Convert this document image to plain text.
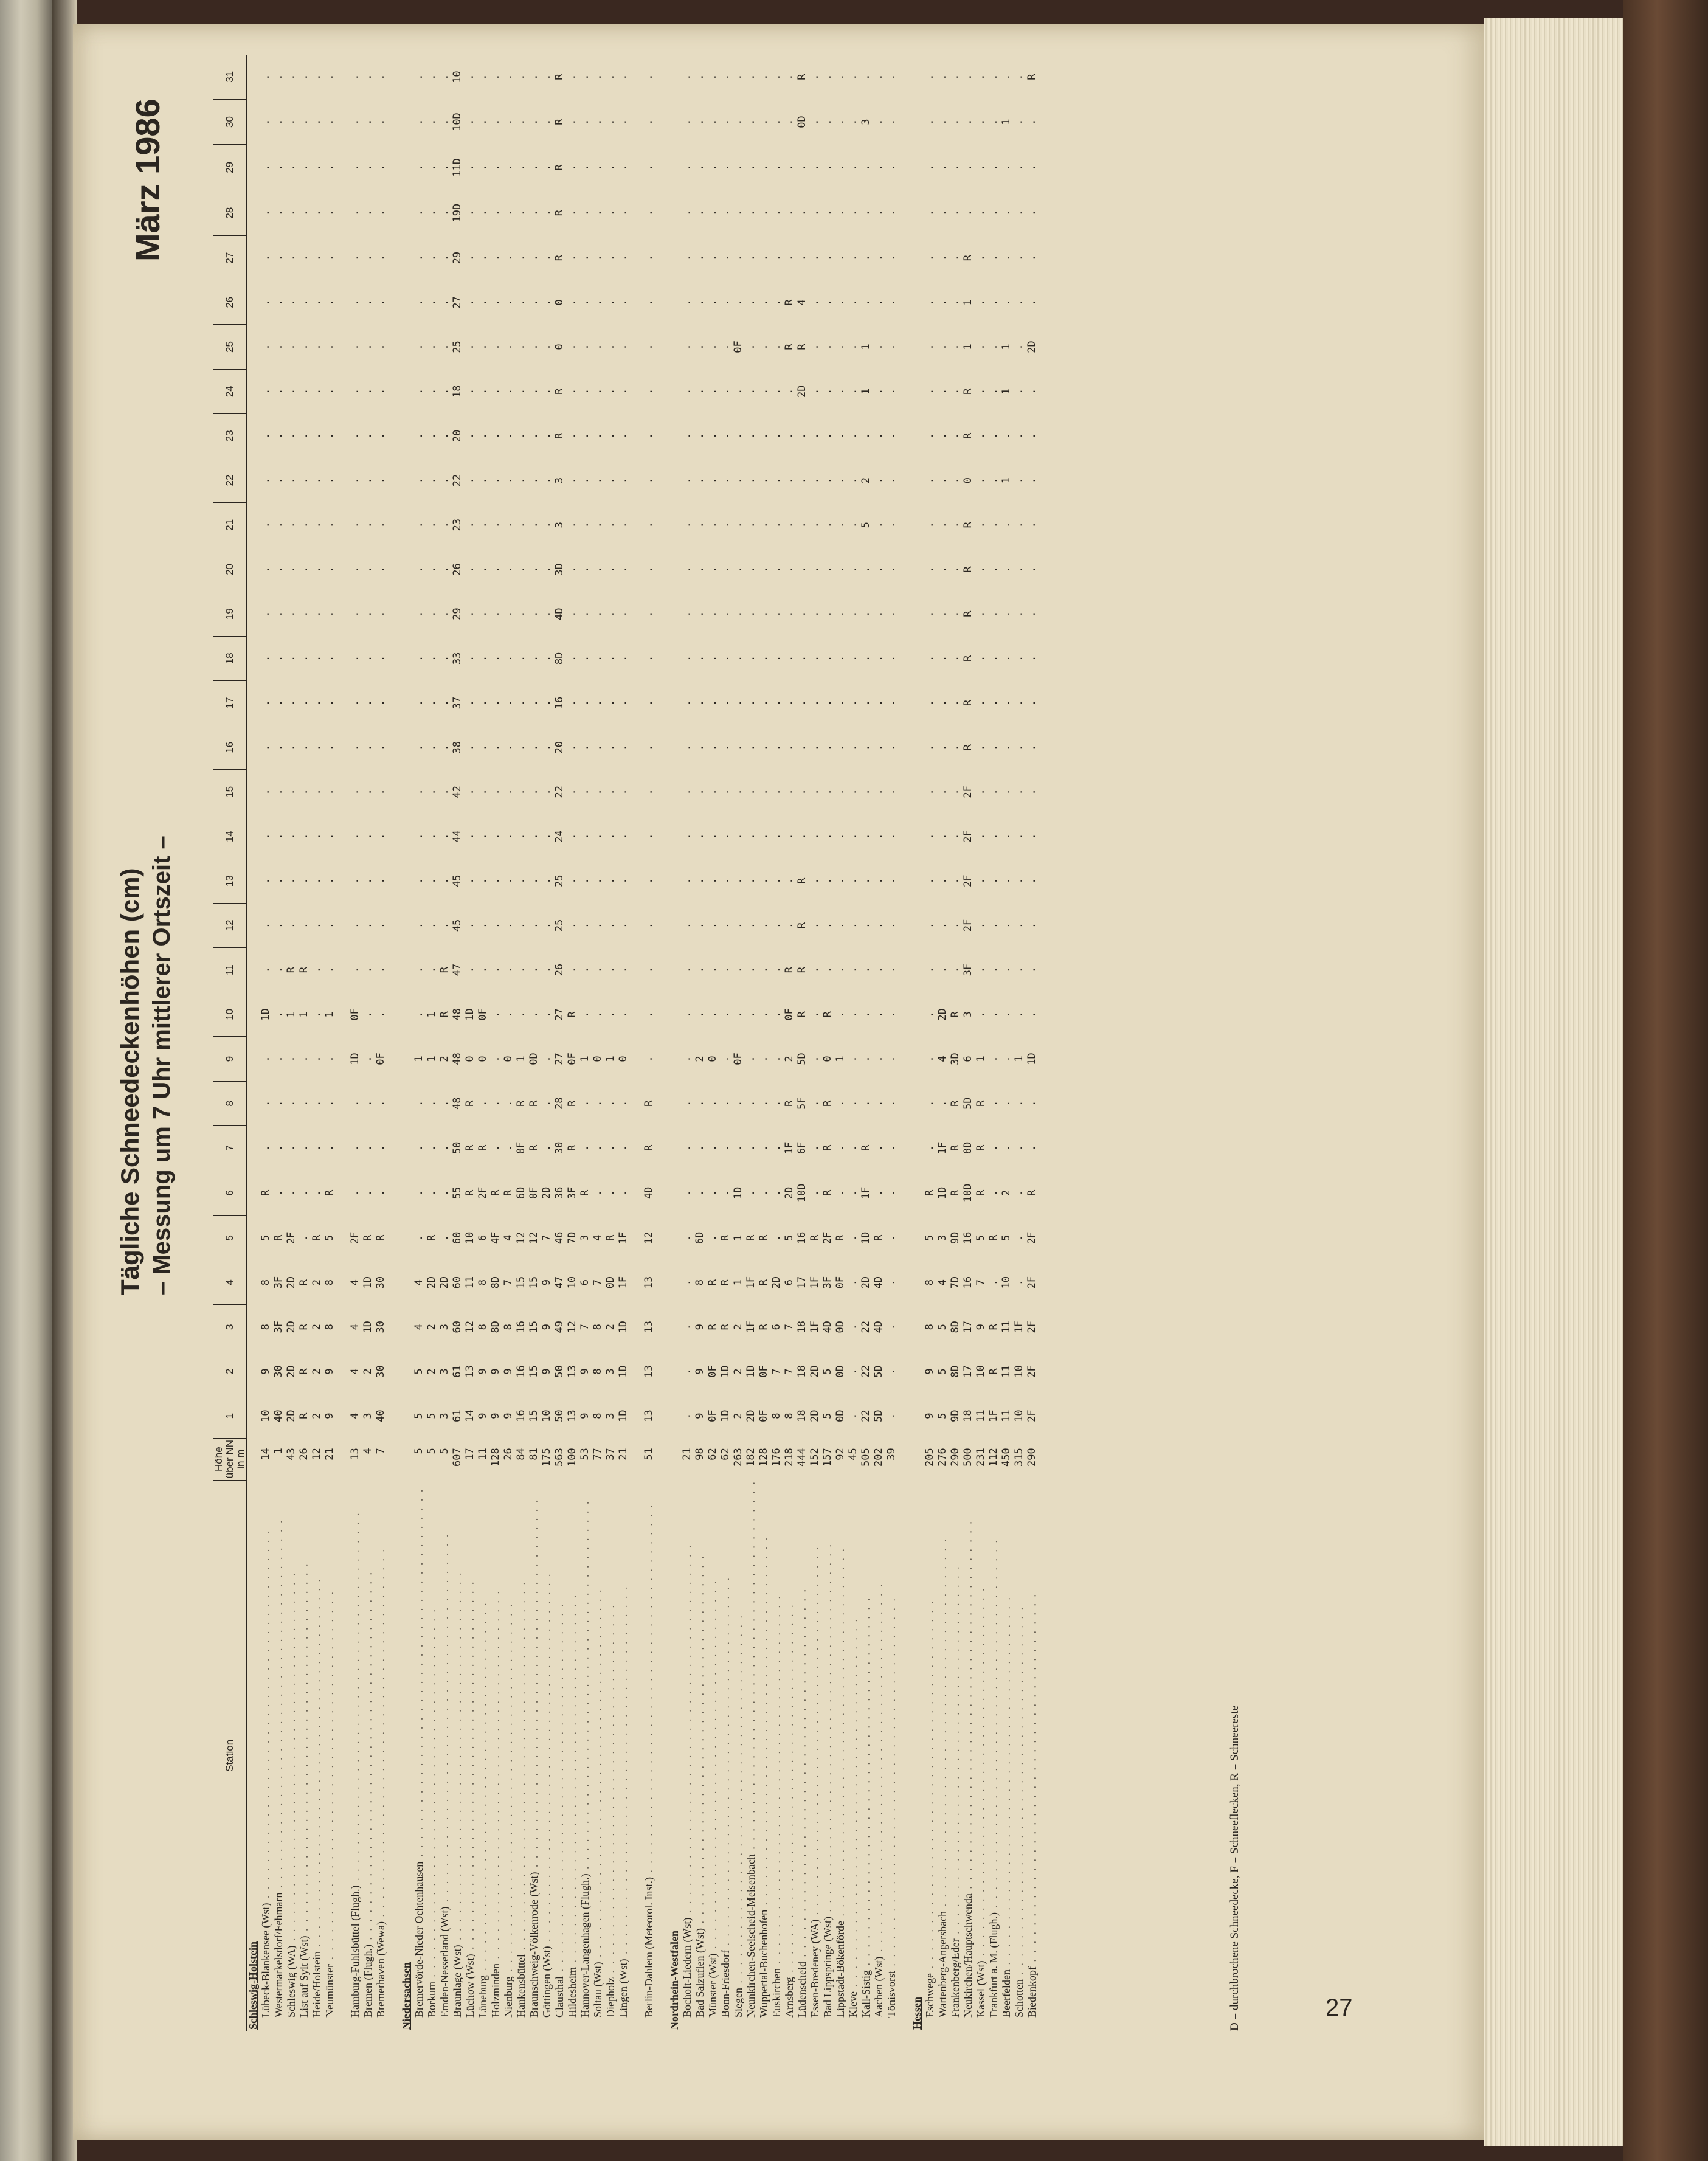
Tägliche Schneedeckenhöhen (cm) – Messung um 7 Uhr mittlerer Ortszeit –
März 1986
Station	Höhe über NN in m	1	2	3	4	5	6	7	8	9	10	11	12	13	14	15	16	17	18	19	20	21	22	23	24	25	26	27	28	29	30	31
Schleswig-Holstein																																
Lübeck-Blankensee (Wst) . . . . . . . . . . . . . . . . . . . . . . . . . . . . . . . . . . . . . . . . .	14	10	9	8	8	5	R	.	.	.	1D	.	.	.	.	.	.	.	.	.	.	.	.	.	.	.	.	.	.	.	.	.
Westermarkelsdorf/Fehmarn . . . . . . . . . . . . . . . . . . . . . . . . . . . . . . . . . . . . . . . . .	1	40	30	3F	3F	R	.	.	.	.	.	.	.	.	.	.	.	.	.	.	.	.	.	.	.	.	.	.	.	.	.	.
Schleswig (WA) . . . . . . . . . . . . . . . . . . . . . . . . . . . . . . . . . . . . . . . . .	43	2D	2D	2D	2D	2F	.	.	.	.	1	R	.	.	.	.	.	.	.	.	.	.	.	.	.	.	.	.	.	.	.	.
List auf Sylt (Wst) . . . . . . . . . . . . . . . . . . . . . . . . . . . . . . . . . . . . . . . . .	26	R	R	R	R	.	.	.	.	.	1	R	.	.	.	.	.	.	.	.	.	.	.	.	.	.	.	.	.	.	.	.
Heide/Holstein . . . . . . . . . . . . . . . . . . . . . . . . . . . . . . . . . . . . . . . . .	12	2	2	2	2	R	.	.	.	.	.	.	.	.	.	.	.	.	.	.	.	.	.	.	.	.	.	.	.	.	.	.
Neumünster . . . . . . . . . . . . . . . . . . . . . . . . . . . . . . . . . . . . . . . . .	21	9	9	8	8	5	R	.	.	.	1	.	.	.	.	.	.	.	.	.	.	.	.	.	.	.	.	.	.	.	.	.

Hamburg-Fuhlsbüttel (Flugh.) . . . . . . . . . . . . . . . . . . . . . . . . . . . . . . . . . . . . . . . . .	13	4	4	4	4	2F	.	.	.	1D	0F	.	.	.	.	.	.	.	.	.	.	.	.	.	.	.	.	.	.	.	.	.
Bremen (Flugh.) . . . . . . . . . . . . . . . . . . . . . . . . . . . . . . . . . . . . . . . . .	4	3	2	1D	1D	R	.	.	.	.	.	.	.	.	.	.	.	.	.	.	.	.	.	.	.	.	.	.	.	.	.	.
Bremerhaven (Wewa) . . . . . . . . . . . . . . . . . . . . . . . . . . . . . . . . . . . . . . . . .	7	40	30	30	30	R	.	.	.	0F	.	.	.	.	.	.	.	.	.	.	.	.	.	.	.	.	.	.	.	.	.	.

Niedersachsen																																
Bremervörde-Nieder Ochtenhausen . . . . . . . . . . . . . . . . . . . . . . . . . . . . . . . . . . . . . . . . .	5	5	5	4	4	.	.	.	.	1	.	.	.	.	.	.	.	.	.	.	.	.	.	.	.	.	.	.	.	.	.	.
Borkum . . . . . . . . . . . . . . . . . . . . . . . . . . . . . . . . . . . . . . . . .	5	5	2	2	2D	R	.	.	.	1	1	.	.	.	.	.	.	.	.	.	.	.	.	.	.	.	.	.	.	.	.	.
Emden-Nesserland (Wst) . . . . . . . . . . . . . . . . . . . . . . . . . . . . . . . . . . . . . . . . .	5	3	3	3	2D	.	.	.	.	2	R	R	.	.	.	.	.	.	.	.	.	.	.	.	.	.	.	.	.	.	.	.
Braunlage (Wst) . . . . . . . . . . . . . . . . . . . . . . . . . . . . . . . . . . . . . . . . .	607	61	61	60	60	60	55	50	48	48	48	47	45	45	44	42	38	37	33	29	26	23	22	20	18	25	27	29	19D	11D	10D	10
Lüchow (Wst) . . . . . . . . . . . . . . . . . . . . . . . . . . . . . . . . . . . . . . . . .	17	14	13	12	11	10	R	R	R	0	1D	.	.	.	.	.	.	.	.	.	.	.	.	.	.	.	.	.	.	.	.	.
Lüneburg . . . . . . . . . . . . . . . . . . . . . . . . . . . . . . . . . . . . . . . . .	11	9	9	8	8	6	2F	R	.	0	0F	.	.	.	.	.	.	.	.	.	.	.	.	.	.	.	.	.	.	.	.	.
Holzminden . . . . . . . . . . . . . . . . . . . . . . . . . . . . . . . . . . . . . . . . .	128	9	9	8D	8D	4F	R	.	.	.	.	.	.	.	.	.	.	.	.	.	.	.	.	.	.	.	.	.	.	.	.	.
Nienburg . . . . . . . . . . . . . . . . . . . . . . . . . . . . . . . . . . . . . . . . .	26	9	9	8	7	4	R	.	.	0	.	.	.	.	.	.	.	.	.	.	.	.	.	.	.	.	.	.	.	.	.	.
Hankensbüttel . . . . . . . . . . . . . . . . . . . . . . . . . . . . . . . . . . . . . . . . .	84	16	16	16	15	12	6D	0F	R	1	.	.	.	.	.	.	.	.	.	.	.	.	.	.	.	.	.	.	.	.	.	.
Braunschweig-Völkenrode (Wst) . . . . . . . . . . . . . . . . . . . . . . . . . . . . . . . . . . . . . . . . .	81	15	15	15	15	12	0F	R	R	0D	.	.	.	.	.	.	.	.	.	.	.	.	.	.	.	.	.	.	.	.	.	.
Göttingen (Wst) . . . . . . . . . . . . . . . . . . . . . . . . . . . . . . . . . . . . . . . . .	175	10	9	9	9	7	2D	.	.	.	.	.	.	.	.	.	.	.	.	.	.	.	.	.	.	.	.	.	.	.	.	.
Clausthal . . . . . . . . . . . . . . . . . . . . . . . . . . . . . . . . . . . . . . . . .	563	50	50	49	47	46	36	30	28	27	27	26	25	25	24	22	20	16	8D	4D	3D	3	3	R	R	0	0	R	R	R	R	R
Hildesheim . . . . . . . . . . . . . . . . . . . . . . . . . . . . . . . . . . . . . . . . .	100	13	13	12	10	7D	3F	R	R	0F	R	.	.	.	.	.	.	.	.	.	.	.	.	.	.	.	.	.	.	.	.	.
Hannover-Langenhagen (Flugh.) . . . . . . . . . . . . . . . . . . . . . . . . . . . . . . . . . . . . . . . . .	53	9	9	7	6	3	R	.	.	1	.	.	.	.	.	.	.	.	.	.	.	.	.	.	.	.	.	.	.	.	.	.
Soltau (Wst) . . . . . . . . . . . . . . . . . . . . . . . . . . . . . . . . . . . . . . . . .	77	8	8	8	7	4	.	.	.	0	.	.	.	.	.	.	.	.	.	.	.	.	.	.	.	.	.	.	.	.	.	.
Diepholz . . . . . . . . . . . . . . . . . . . . . . . . . . . . . . . . . . . . . . . . .	37	3	3	2	0D	R	.	.	.	1	.	.	.	.	.	.	.	.	.	.	.	.	.	.	.	.	.	.	.	.	.	.
Lingen (Wst) . . . . . . . . . . . . . . . . . . . . . . . . . . . . . . . . . . . . . . . . .	21	1D	1D	1D	1F	1F	.	.	.	0	.	.	.	.	.	.	.	.	.	.	.	.	.	.	.	.	.	.	.	.	.	.

Berlin-Dahlem (Meteorol. Inst.) . . . . . . . . . . . . . . . . . . . . . . . . . . . . . . . . . . . . . . . . .	51	13	13	13	13	12	4D	R	R	.	.	.	.	.	.	.	.	.	.	.	.	.	.	.	.	.	.	.	.	.	.	.

Nordrhein-Westfalen																																
Bocholt-Liedern (Wst) . . . . . . . . . . . . . . . . . . . . . . . . . . . . . . . . . . . . . . . . .	21	.	.	.	.	.	.	.	.	.	.	.	.	.	.	.	.	.	.	.	.	.	.	.	.	.	.	.	.	.	.	.
Bad Salzuflen (Wst) . . . . . . . . . . . . . . . . . . . . . . . . . . . . . . . . . . . . . . . . .	98	9	9	9	8	6D	.	.	.	2	.	.	.	.	.	.	.	.	.	.	.	.	.	.	.	.	.	.	.	.	.	.
Münster (Wst) . . . . . . . . . . . . . . . . . . . . . . . . . . . . . . . . . . . . . . . . .	62	0F	0F	R	R	.	.	.	.	0	.	.	.	.	.	.	.	.	.	.	.	.	.	.	.	.	.	.	.	.	.	.
Bonn-Friesdorf . . . . . . . . . . . . . . . . . . . . . . . . . . . . . . . . . . . . . . . . .	62	1D	1D	R	R	R	.	.	.	.	.	.	.	.	.	.	.	.	.	.	.	.	.	.	.	.	.	.	.	.	.	.
Siegen . . . . . . . . . . . . . . . . . . . . . . . . . . . . . . . . . . . . . . . . .	263	2	2	2	1	1	1D	.	.	0F	.	.	.	.	.	.	.	.	.	.	.	.	.	.	.	0F	.	.	.	.	.	.
Neunkirchen-Seelscheid-Meisenbach . . . . . . . . . . . . . . . . . . . . . . . . . . . . . . . . . . . . . . . . .	182	2D	1D	1F	1F	R	.	.	.	.	.	.	.	.	.	.	.	.	.	.	.	.	.	.	.	.	.	.	.	.	.	.
Wuppertal-Buchenhofen . . . . . . . . . . . . . . . . . . . . . . . . . . . . . . . . . . . . . . . . .	128	0F	0F	R	R	R	.	.	.	.	.	.	.	.	.	.	.	.	.	.	.	.	.	.	.	.	.	.	.	.	.	.
Euskirchen . . . . . . . . . . . . . . . . . . . . . . . . . . . . . . . . . . . . . . . . .	176	8	7	6	2D	.	.	.	.	.	.	.	.	.	.	.	.	.	.	.	.	.	.	.	.	.	.	.	.	.	.	.
Arnsberg . . . . . . . . . . . . . . . . . . . . . . . . . . . . . . . . . . . . . . . . .	218	8	7	7	6	5	2D	1F	R	2	0F	R	.	.	.	.	.	.	.	.	.	.	.	.	.	R	R	.	.	.	.	.
Lüdenscheid . . . . . . . . . . . . . . . . . . . . . . . . . . . . . . . . . . . . . . . . .	444	18	18	18	17	16	10D	6F	5F	5D	R	R	R	R	.	.	.	.	.	.	.	.	.	.	2D	R	4	.	.	.	0D	R
Essen-Bredeney (WA) . . . . . . . . . . . . . . . . . . . . . . . . . . . . . . . . . . . . . . . . .	152	2D	2D	1F	1F	R	.	.	.	.	.	.	.	.	.	.	.	.	.	.	.	.	.	.	.	.	.	.	.	.	.	.
Bad Lippspringe (Wst) . . . . . . . . . . . . . . . . . . . . . . . . . . . . . . . . . . . . . . . . .	157	5	5	4D	3F	2F	R	R	R	0	R	.	.	.	.	.	.	.	.	.	.	.	.	.	.	.	.	.	.	.	.	.
Lippstadt-Bökenförde . . . . . . . . . . . . . . . . . . . . . . . . . . . . . . . . . . . . . . . . .	92	0D	0D	0D	0F	R	.	.	.	1	.	.	.	.	.	.	.	.	.	.	.	.	.	.	.	.	.	.	.	.	.	.
Kleve . . . . . . . . . . . . . . . . . . . . . . . . . . . . . . . . . . . . . . . . .	45	.	.	.	.	.	.	.	.	.	.	.	.	.	.	.	.	.	.	.	.	.	.	.	.	.	.	.	.	.	.	.
Kall-Sistig . . . . . . . . . . . . . . . . . . . . . . . . . . . . . . . . . . . . . . . . .	505	22	22	22	2D	1D	1F	R	.	.	.	.	.	.	.	.	.	.	.	.	.	5	2	.	1	1	.	.	.	.	3	.
Aachen (Wst) . . . . . . . . . . . . . . . . . . . . . . . . . . . . . . . . . . . . . . . . .	202	5D	5D	4D	4D	R	.	.	.	.	.	.	.	.	.	.	.	.	.	.	.	.	.	.	.	.	.	.	.	.	.	.
Tönisvorst . . . . . . . . . . . . . . . . . . . . . . . . . . . . . . . . . . . . . . . . .	39	.	.	.	.	.	.	.	.	.	.	.	.	.	.	.	.	.	.	.	.	.	.	.	.	.	.	.	.	.	.	.

Hessen																																
Eschwege . . . . . . . . . . . . . . . . . . . . . . . . . . . . . . . . . . . . . . . . .	205	9	9	8	8	5	R	.	.	.	.	.	.	.	.	.	.	.	.	.	.	.	.	.	.	.	.	.	.	.	.	.
Wartenberg-Angersbach . . . . . . . . . . . . . . . . . . . . . . . . . . . . . . . . . . . . . . . . .	276	5	5	5	4	3	1D	1F	.	4	2D	.	.	.	.	.	.	.	.	.	.	.	.	.	.	.	.	.	.	.	.	.
Frankenberg/Eder . . . . . . . . . . . . . . . . . . . . . . . . . . . . . . . . . . . . . . . . .	290	9D	8D	8D	7D	9D	R	R	R	3D	R	.	.	.	.	.	.	.	.	.	.	.	.	.	.	.	.	.	.	.	.	.
Neukirchen/Hauptschwenda . . . . . . . . . . . . . . . . . . . . . . . . . . . . . . . . . . . . . . . . .	500	18	17	17	16	16	10D	8D	5D	6	3	3F	2F	2F	2F	2F	R	R	R	R	R	R	0	R	R	1	1	R	.	.	.	.
Kassel (Wst) . . . . . . . . . . . . . . . . . . . . . . . . . . . . . . . . . . . . . . . . .	231	11	10	9	7	5	R	R	R	1	.	.	.	.	.	.	.	.	.	.	.	.	.	.	.	.	.	.	.	.	.	.
Frankfurt a. M. (Flugh.) . . . . . . . . . . . . . . . . . . . . . . . . . . . . . . . . . . . . . . . . .	112	1F	R	R	.	R	.	.	.	.	.	.	.	.	.	.	.	.	.	.	.	.	.	.	.	.	.	.	.	.	.	.
Beerfelden . . . . . . . . . . . . . . . . . . . . . . . . . . . . . . . . . . . . . . . . .	450	11	11	11	10	5	2	.	.	.	.	.	.	.	.	.	.	.	.	.	.	.	1	.	1	1	.	.	.	.	1	.
Schotten . . . . . . . . . . . . . . . . . . . . . . . . . . . . . . . . . . . . . . . . .	315	10	10	1F	.	.	.	.	.	1	.	.	.	.	.	.	.	.	.	.	.	.	.	.	.	.	.	.	.	.	.	.
Biedenkopf . . . . . . . . . . . . . . . . . . . . . . . . . . . . . . . . . . . . . . . . .	290	2F	2F	2F	2F	2F	R	.	.	1D	.	.	.	.	.	.	.	.	.	.	.	.	.	.	.	2D	.	.	.	.	.	R
D = durchbrochene Schneedecke, F = Schneeflecken, R = Schneereste	27
